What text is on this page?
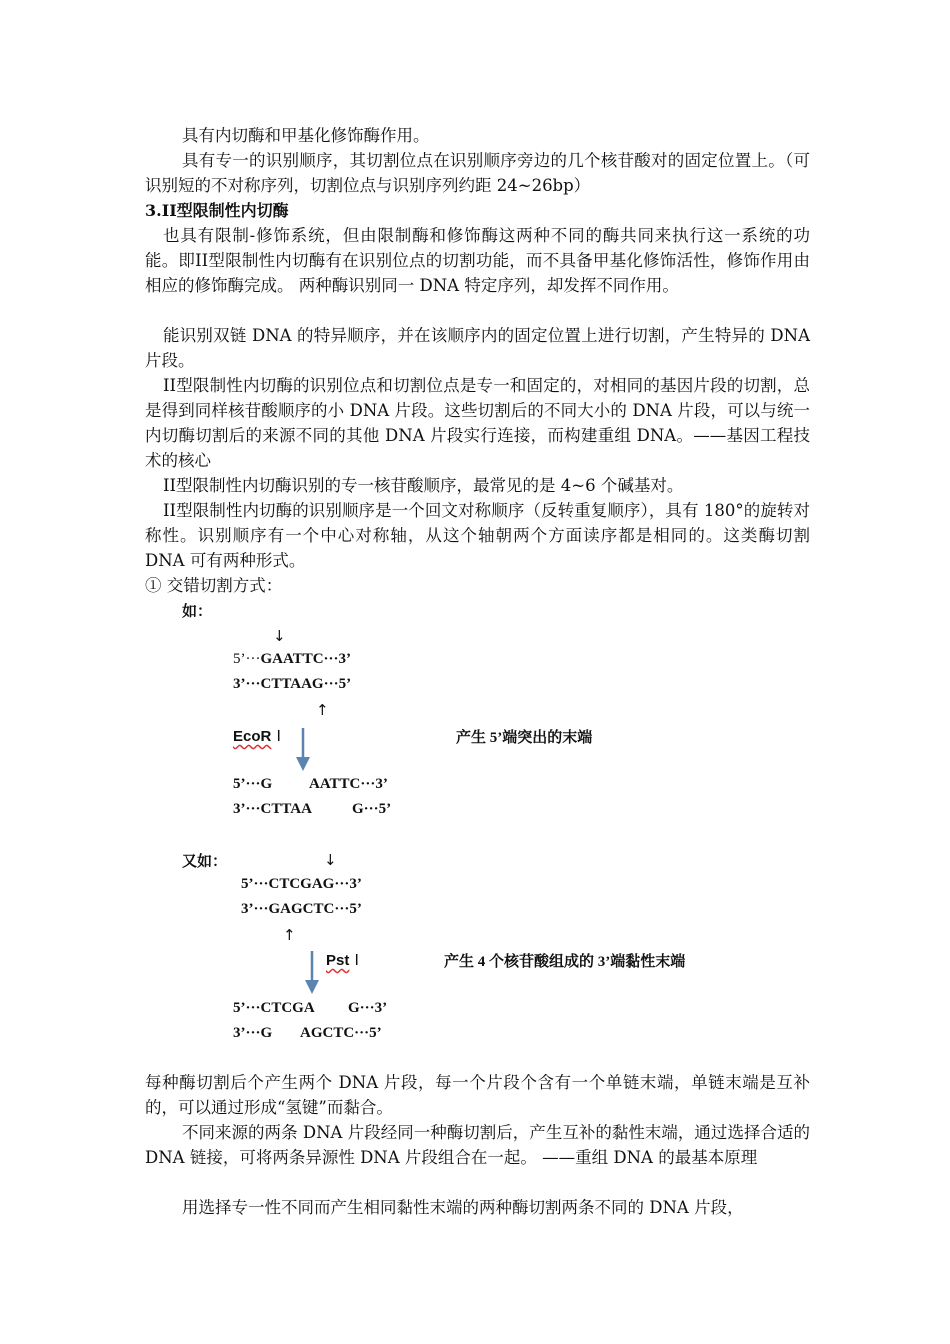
具有内切酶和甲基化修饰酶作用。

具有专一的识别顺序，其切割位点在识别顺序旁边的几个核苷酸对的固定位置上。（可识别短的不对称序列，切割位点与识别序列约距 24~26bp）

3.II型限制性内切酶

也具有限制-修饰系统，但由限制酶和修饰酶这两种不同的酶共同来执行这一系统的功能。即II型限制性内切酶有在识别位点的切割功能，而不具备甲基化修饰活性，修饰作用由相应的修饰酶完成。 两种酶识别同一 DNA 特定序列，却发挥不同作用。

能识别双链 DNA 的特异顺序，并在该顺序内的固定位置上进行切割，产生特异的 DNA 片段。

II型限制性内切酶的识别位点和切割位点是专一和固定的，对相同的基因片段的切割，总是得到同样核苷酸顺序的小 DNA 片段。这些切割后的不同大小的 DNA 片段，可以与统一内切酶切割后的来源不同的其他 DNA 片段实行连接，而构建重组 DNA。——基因工程技术的核心

II型限制性内切酶识别的专一核苷酸顺序，最常见的是 4~6 个碱基对。

II型限制性内切酶的识别顺序是一个回文对称顺序（反转重复顺序），具有 180°的旋转对称性。识别顺序有一个中心对称轴，从这个轴朝两个方面读序都是相同的。这类酶切割 DNA 可有两种形式。

① 交错切割方式：

如：
↓
5’···GAATTC···3’
3’···CTTAAG···5’
↑
EcoR Ⅰ	产生 5’端突出的末端
5’···G AATTC···3’
3’···CTTAA	G···5’
又如：	↓
5’···CTCGAG···3’
3’···GAGCTC···5’
↑
Pst Ⅰ	产生 4 个核苷酸组成的 3’端黏性末端
5’···CTCGA G···3’
3’···G AGCTC···5’

每种酶切割后个产生两个 DNA 片段，每一个片段个含有一个单链末端，单链末端是互补的，可以通过形成“氢键”而黏合。

不同来源的两条 DNA 片段经同一种酶切割后，产生互补的黏性末端，通过选择合适的 DNA 链接，可将两条异源性 DNA 片段组合在一起。 ——重组 DNA 的最基本原理

用选择专一性不同而产生相同黏性末端的两种酶切割两条不同的 DNA 片段，
